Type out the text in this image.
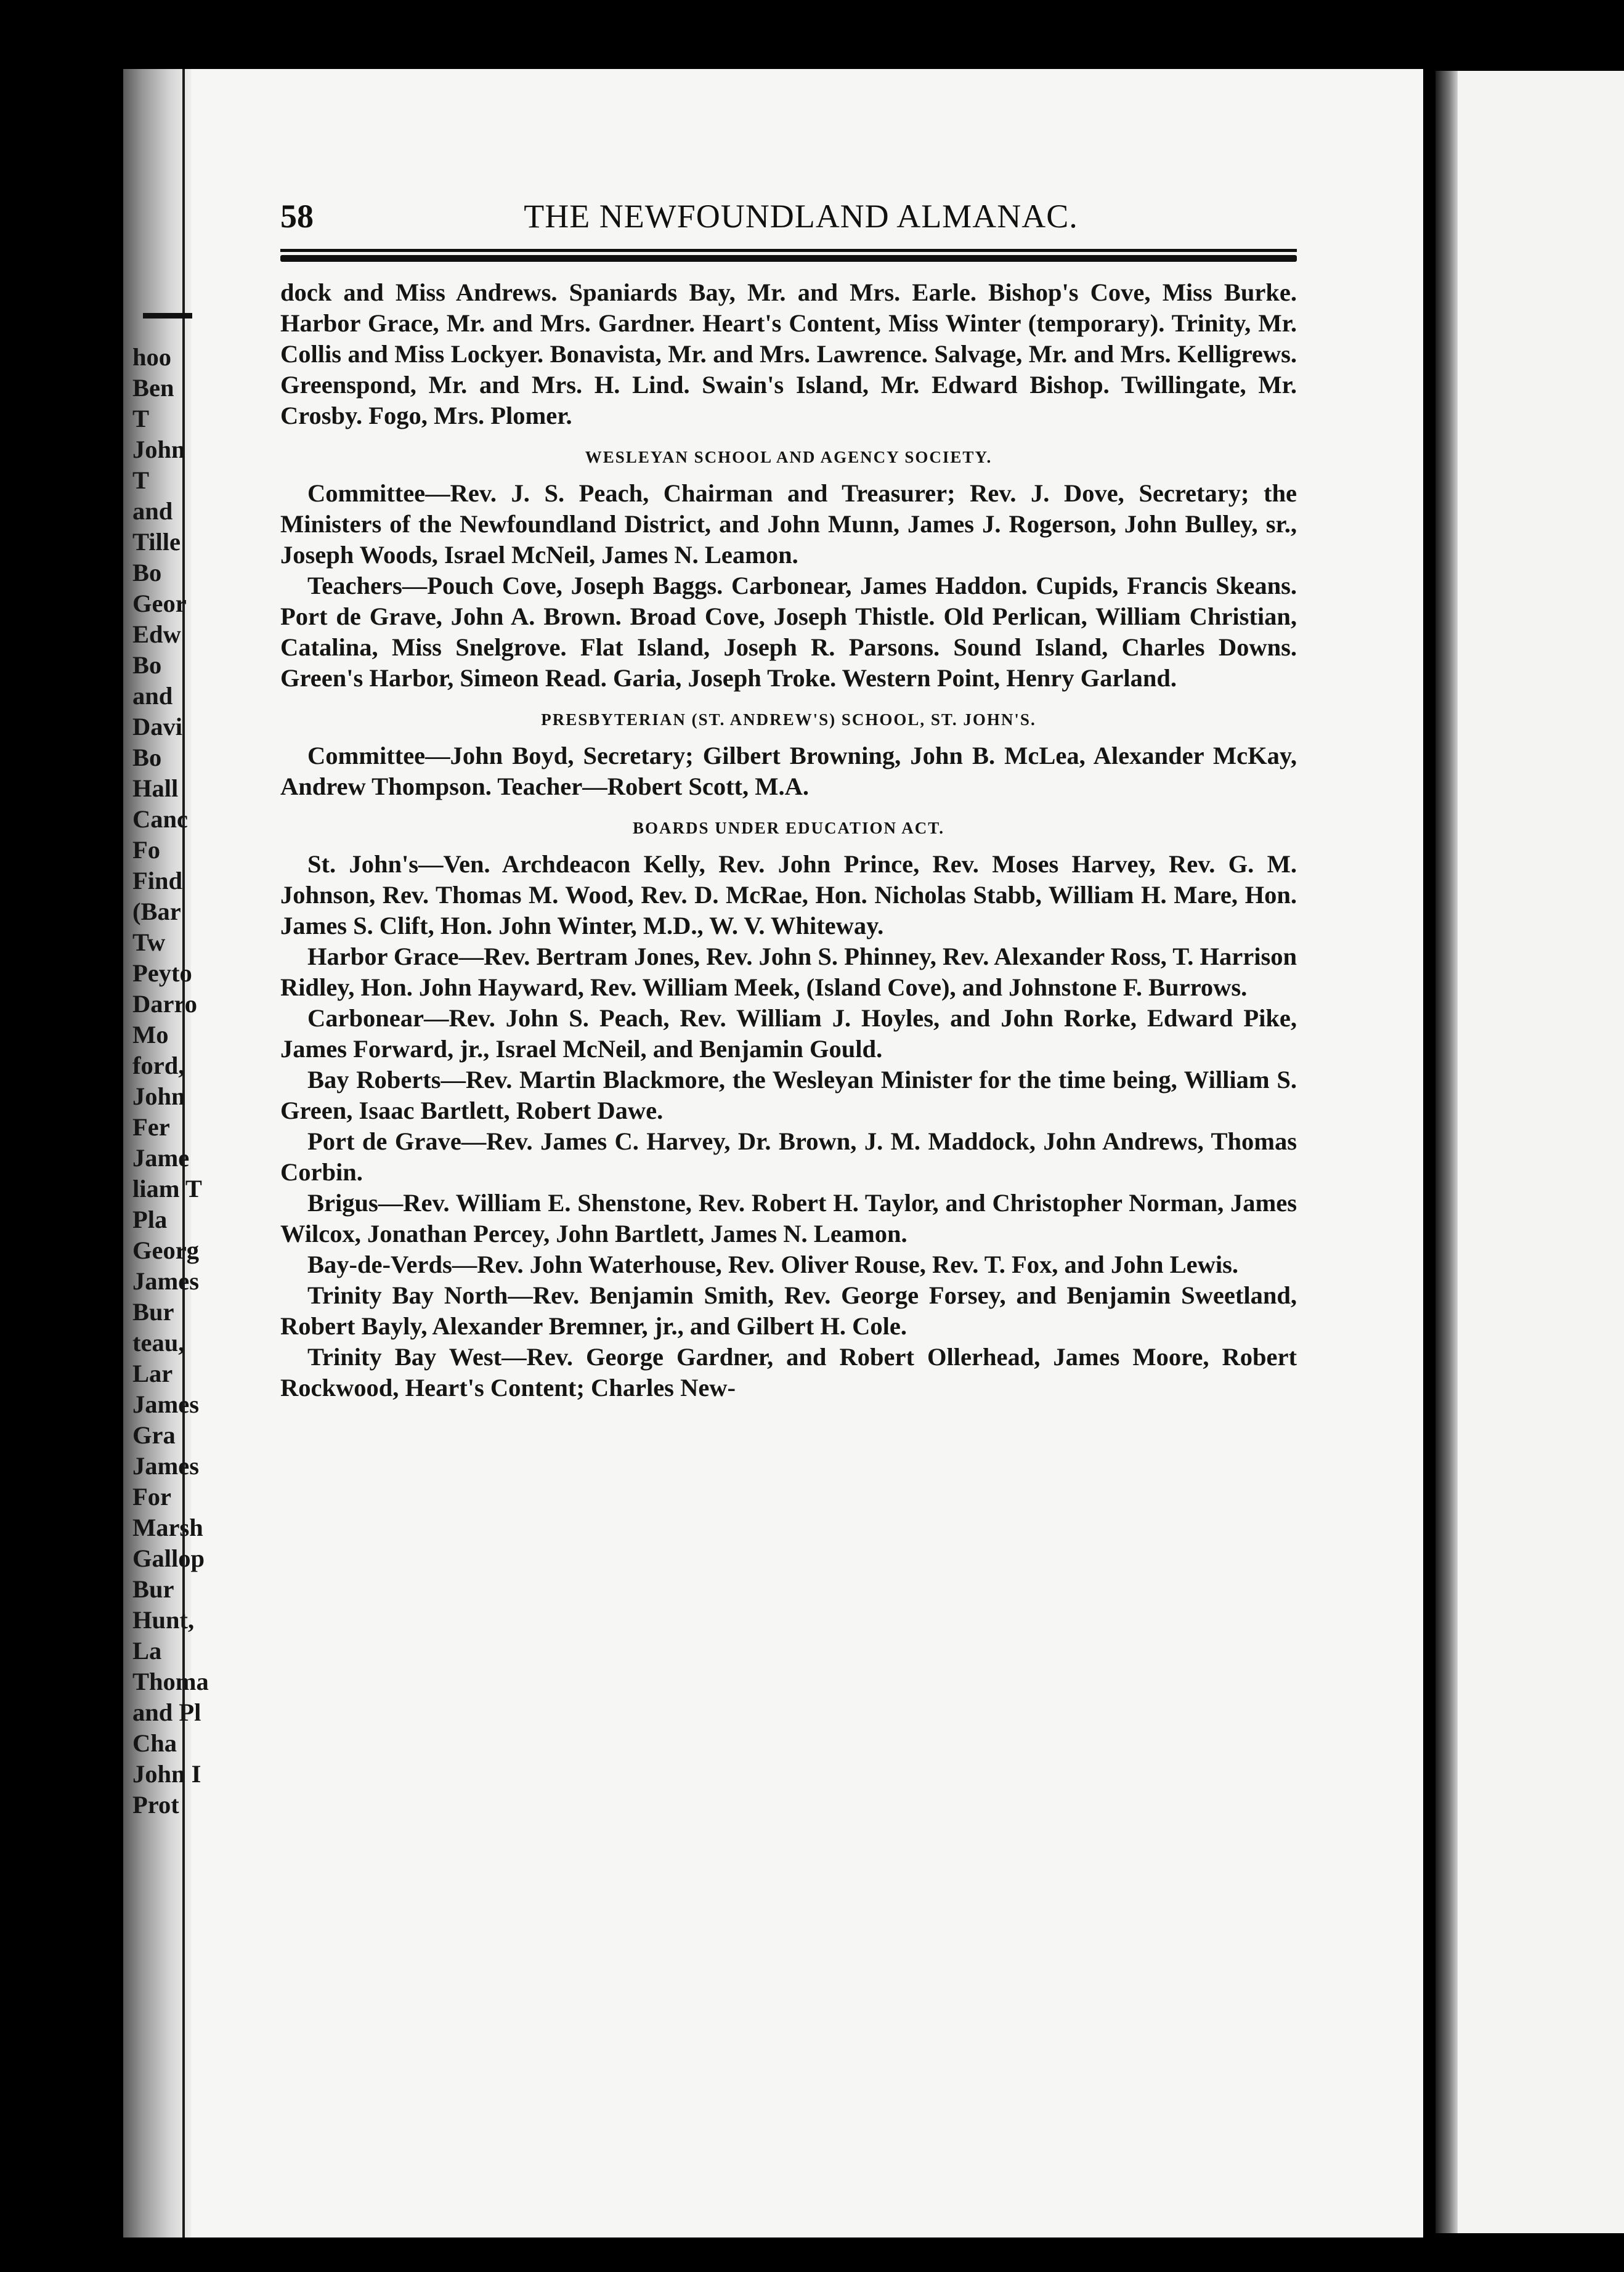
58	THE NEWFOUNDLAND ALMANAC.

dock and Miss Andrews. Spaniards Bay, Mr. and Mrs. Earle. Bishop's Cove, Miss Burke. Harbor Grace, Mr. and Mrs. Gardner. Heart's Content, Miss Winter (temporary). Trinity, Mr. Collis and Miss Lockyer. Bonavista, Mr. and Mrs. Lawrence. Salvage, Mr. and Mrs. Kelligrews. Greenspond, Mr. and Mrs. H. Lind. Swain's Island, Mr. Edward Bishop. Twillingate, Mr. Crosby. Fogo, Mrs. Plomer.

WESLEYAN SCHOOL AND AGENCY SOCIETY.

Committee—Rev. J. S. Peach, Chairman and Treasurer; Rev. J. Dove, Secretary; the Ministers of the Newfoundland District, and John Munn, James J. Rogerson, John Bulley, sr., Joseph Woods, Israel McNeil, James N. Leamon.

Teachers—Pouch Cove, Joseph Baggs. Carbonear, James Haddon. Cupids, Francis Skeans. Port de Grave, John A. Brown. Broad Cove, Joseph Thistle. Old Perlican, William Christian, Catalina, Miss Snelgrove. Flat Island, Joseph R. Parsons. Sound Island, Charles Downs. Green's Harbor, Simeon Read. Garia, Joseph Troke. Western Point, Henry Garland.

PRESBYTERIAN (ST. ANDREW'S) SCHOOL, ST. JOHN'S.

Committee—John Boyd, Secretary; Gilbert Browning, John B. McLea, Alexander McKay, Andrew Thompson. Teacher—Robert Scott, M.A.

BOARDS UNDER EDUCATION ACT.

St. John's—Ven. Archdeacon Kelly, Rev. John Prince, Rev. Moses Harvey, Rev. G. M. Johnson, Rev. Thomas M. Wood, Rev. D. McRae, Hon. Nicholas Stabb, William H. Mare, Hon. James S. Clift, Hon. John Winter, M.D., W. V. Whiteway.

Harbor Grace—Rev. Bertram Jones, Rev. John S. Phinney, Rev. Alexander Ross, T. Harrison Ridley, Hon. John Hayward, Rev. William Meek, (Island Cove), and Johnstone F. Burrows.

Carbonear—Rev. John S. Peach, Rev. William J. Hoyles, and John Rorke, Edward Pike, James Forward, jr., Israel McNeil, and Benjamin Gould.

Bay Roberts—Rev. Martin Blackmore, the Wesleyan Minister for the time being, William S. Green, Isaac Bartlett, Robert Dawe.

Port de Grave—Rev. James C. Harvey, Dr. Brown, J. M. Maddock, John Andrews, Thomas Corbin.

Brigus—Rev. William E. Shenstone, Rev. Robert H. Taylor, and Christopher Norman, James Wilcox, Jonathan Percey, John Bartlett, James N. Leamon.

Bay-de-Verds—Rev. John Waterhouse, Rev. Oliver Rouse, Rev. T. Fox, and John Lewis.

Trinity Bay North—Rev. Benjamin Smith, Rev. George Forsey, and Benjamin Sweetland, Robert Bayly, Alexander Bremner, jr., and Gilbert H. Cole.

Trinity Bay West—Rev. George Gardner, and Robert Ollerhead, James Moore, Robert Rockwood, Heart's Content; Charles New-

hoo
Ben
T
John
T
and
Tille
Bo
Geor
Edw
Bo
and
Davi
Bo
Hall
Canc
Fo
Find
(Bar
Tw
Peyto
Darro
Mo
ford,
John
Fer
Jame
liam T
Pla
Georg
James
Bur
teau,
Lar
James
Gra
James
For
Marsh
Gallop
Bur
Hunt,
La
Thoma
and Pl
Cha
John I
Prot
